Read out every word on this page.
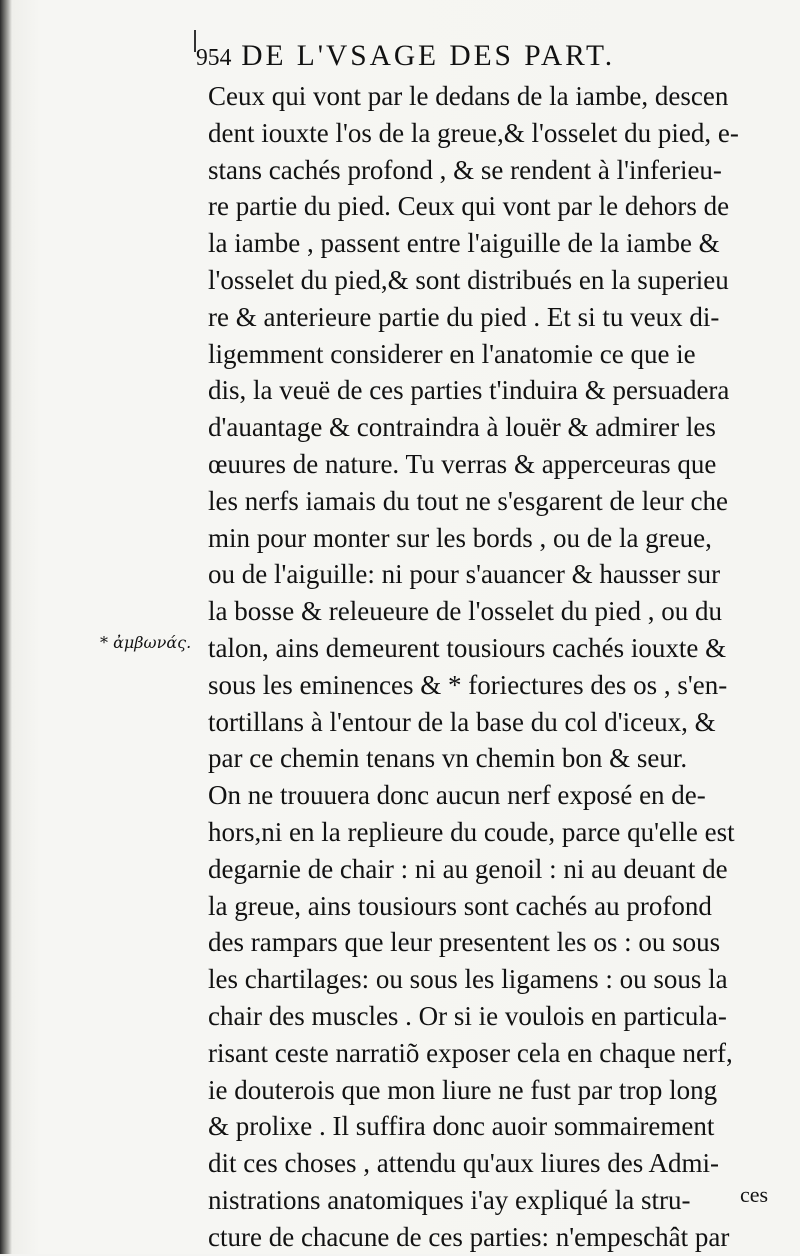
954 DE L'VSAGE DES PART.
* ἀμβωνάς.
Ceux qui vont par le dedans de la iambe, descen
dent iouxte l'os de la greue,& l'osselet du pied, e-
stans cachés profond , & se rendent à l'inferieu-
re partie du pied. Ceux qui vont par le dehors de
la iambe , passent entre l'aiguille de la iambe &
l'osselet du pied,& sont distribués en la superieu
re & anterieure partie du pied . Et si tu veux di-
ligemment considerer en l'anatomie ce que ie
dis, la veuë de ces parties t'induira & persuadera
d'auantage & contraindra à louër & admirer les
œuures de nature. Tu verras & apperceuras que
les nerfs iamais du tout ne s'esgarent de leur che
min pour monter sur les bords , ou de la greue,
ou de l'aiguille: ni pour s'auancer & hausser sur
la bosse & releueure de l'osselet du pied , ou du
talon, ains demeurent tousiours cachés iouxte &
sous les eminences & * foriectures des os , s'en-
tortillans à l'entour de la base du col d'iceux, &
par ce chemin tenans vn chemin bon & seur.
On ne trouuera donc aucun nerf exposé en de-
hors,ni en la replieure du coude, parce qu'elle est
degarnie de chair : ni au genoil : ni au deuant de
la greue, ains tousiours sont cachés au profond
des rampars que leur presentent les os : ou sous
les chartilages: ou sous les ligamens : ou sous la
chair des muscles . Or si ie voulois en particula-
risant ceste narratiõ exposer cela en chaque nerf,
ie douterois que mon liure ne fust par trop long
& prolixe . Il suffira donc auoir sommairement
dit ces choses , attendu qu'aux liures des Admi-
nistrations anatomiques i'ay expliqué la stru-
cture de chacune de ces parties: n'empeschât par
ces
